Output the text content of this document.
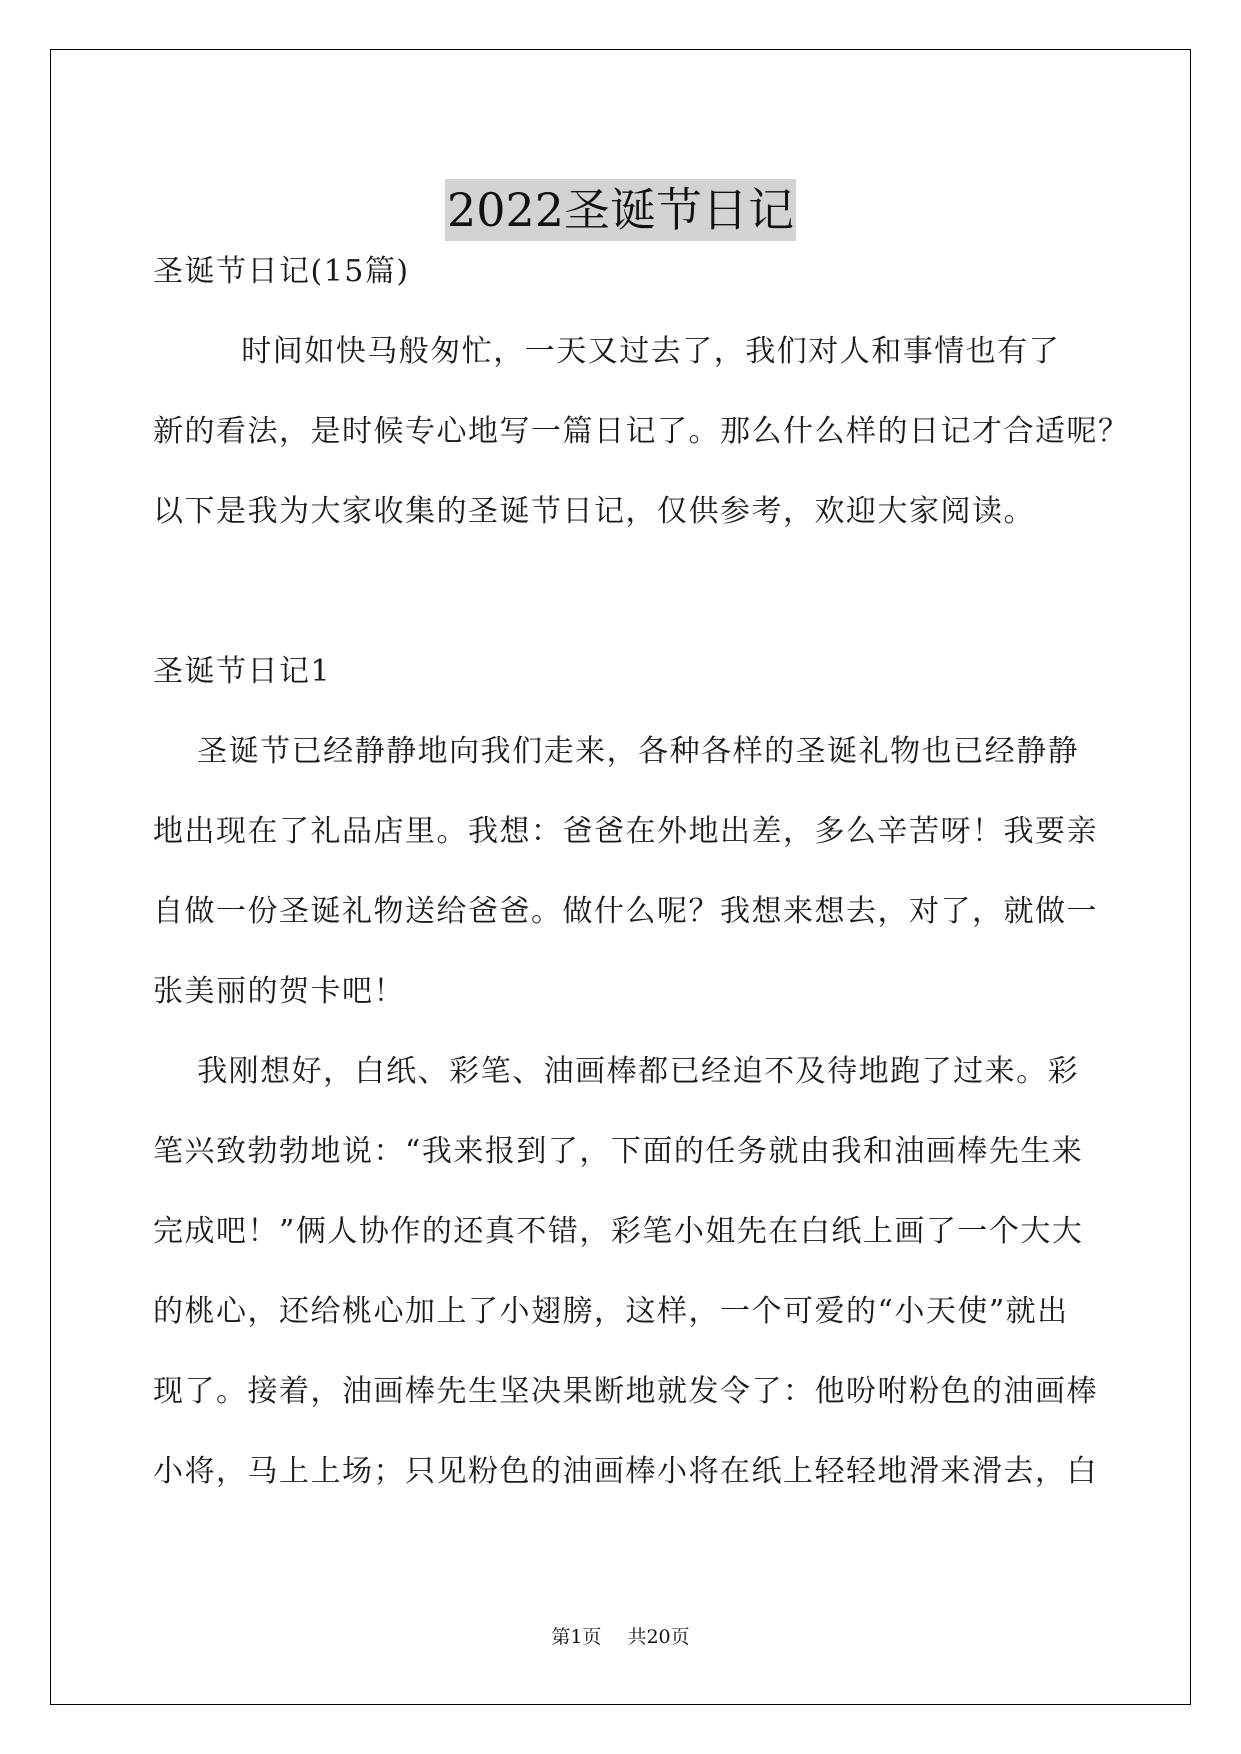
2022圣诞节日记
圣诞节日记(15篇)
时间如快马般匆忙，一天又过去了，我们对人和事情也有了
新的看法，是时候专心地写一篇日记了。那么什么样的日记才合适呢？
以下是我为大家收集的圣诞节日记，仅供参考，欢迎大家阅读。
圣诞节日记1
圣诞节已经静静地向我们走来，各种各样的圣诞礼物也已经静静
地出现在了礼品店里。我想：爸爸在外地出差，多么辛苦呀！我要亲
自做一份圣诞礼物送给爸爸。做什么呢？我想来想去，对了，就做一
张美丽的贺卡吧！
我刚想好，白纸、彩笔、油画棒都已经迫不及待地跑了过来。彩
笔兴致勃勃地说：“我来报到了，下面的任务就由我和油画棒先生来
完成吧！”俩人协作的还真不错，彩笔小姐先在白纸上画了一个大大
的桃心，还给桃心加上了小翅膀，这样，一个可爱的“小天使”就出
现了。接着，油画棒先生坚决果断地就发令了：他吩咐粉色的油画棒
小将，马上上场；只见粉色的油画棒小将在纸上轻轻地滑来滑去，白
第1页 共20页
